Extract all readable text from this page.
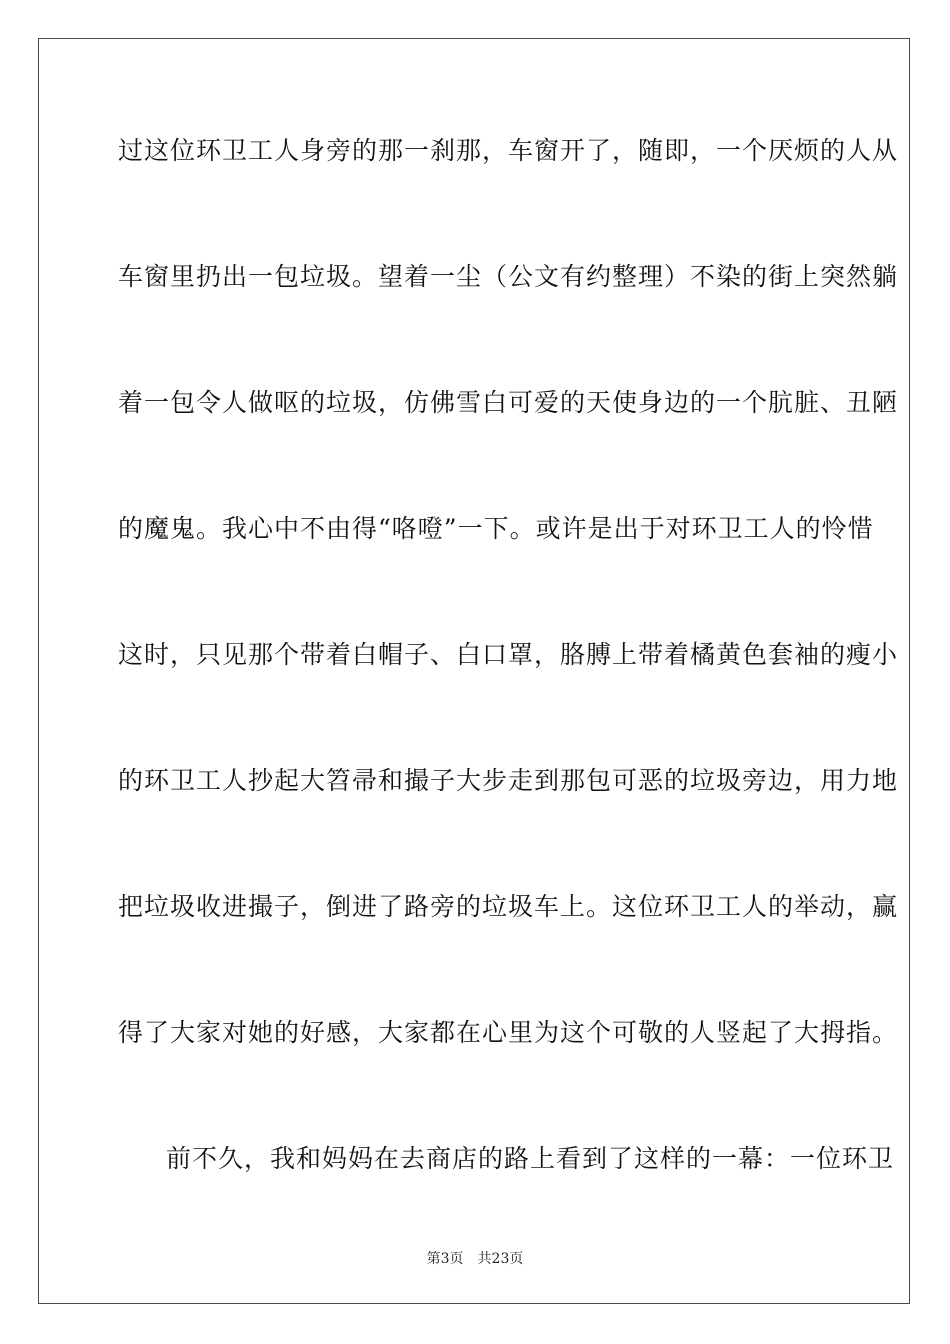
过这位环卫工人身旁的那一刹那，车窗开了，随即，一个厌烦的人从
车窗里扔出一包垃圾。望着一尘（公文有约整理）不染的街上突然躺
着一包令人做呕的垃圾，仿佛雪白可爱的天使身边的一个肮脏、丑陋
的魔鬼。我心中不由得“咯噔”一下。或许是出于对环卫工人的怜惜
这时，只见那个带着白帽子、白口罩，胳膊上带着橘黄色套袖的瘦小
的环卫工人抄起大笤帚和撮子大步走到那包可恶的垃圾旁边，用力地
把垃圾收进撮子，倒进了路旁的垃圾车上。这位环卫工人的举动，赢
得了大家对她的好感，大家都在心里为这个可敬的人竖起了大拇指。
前不久，我和妈妈在去商店的路上看到了这样的一幕：一位环卫
第3页 共23页
